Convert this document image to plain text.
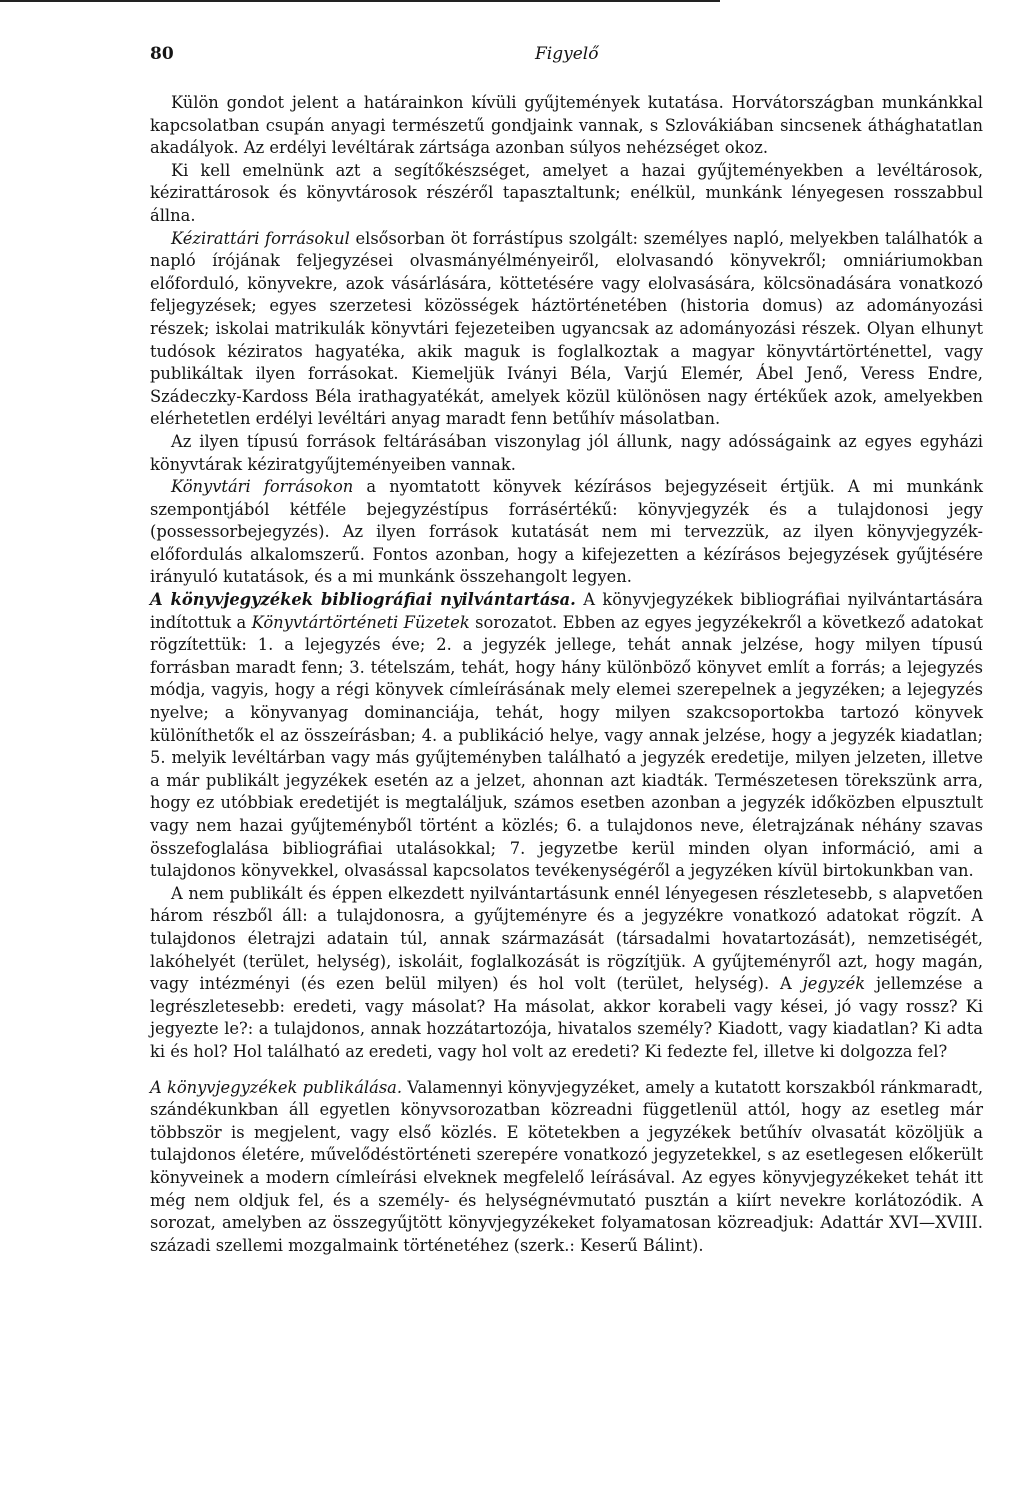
80	Figyelő

Külön gondot jelent a határainkon kívüli gyűjtemények kutatása. Horvátországban munkánkkal kapcsolatban csupán anyagi természetű gondjaink vannak, s Szlovákiában sincsenek áthághatatlan akadályok. Az erdélyi levéltárak zártsága azonban súlyos nehézséget okoz.

Ki kell emelnünk azt a segítőkészséget, amelyet a hazai gyűjteményekben a levéltárosok, kézirattárosok és könyvtárosok részéről tapasztaltunk; enélkül, munkánk lényegesen rosszabbul állna.

Kézirattári forrásokul elsősorban öt forrástípus szolgált: személyes napló, melyekben találhatók a napló írójának feljegyzései olvasmányélményeiről, elolvasandó könyvekről; omniáriumokban előforduló, könyvekre, azok vásárlására, köttetésére vagy elolvasására, kölcsönadására vonatkozó feljegyzések; egyes szerzetesi közösségek háztörténetében (historia domus) az adományozási részek; iskolai matrikulák könyvtári fejezeteiben ugyancsak az adományozási részek. Olyan elhunyt tudósok kéziratos hagyatéka, akik maguk is foglalkoztak a magyar könyvtártörténettel, vagy publikáltak ilyen forrásokat. Kiemeljük Iványi Béla, Varjú Elemér, Ábel Jenő, Veress Endre, Szádeczky-Kardoss Béla irathagyatékát, amelyek közül különösen nagy értékűek azok, amelyekben elérhetetlen erdélyi levéltári anyag maradt fenn betűhív másolatban.

Az ilyen típusú források feltárásában viszonylag jól állunk, nagy adósságaink az egyes egyházi könyvtárak kéziratgyűjteményeiben vannak.

Könyvtári forrásokon a nyomtatott könyvek kézírásos bejegyzéseit értjük. A mi munkánk szempontjából kétféle bejegyzéstípus forrásértékű: könyvjegyzék és a tulajdonosi jegy (possessorbejegyzés). Az ilyen források kutatását nem mi tervezzük, az ilyen könyvjegyzék-előfordulás alkalomszerű. Fontos azonban, hogy a kifejezetten a kézírásos bejegyzések gyűjtésére irányuló kutatások, és a mi munkánk összehangolt legyen.

A könyvjegyzékek bibliográfiai nyilvántartása. A könyvjegyzékek bibliográfiai nyilvántartására indítottuk a Könyvtártörténeti Füzetek sorozatot. Ebben az egyes jegyzékekről a következő adatokat rögzítettük: 1. a lejegyzés éve; 2. a jegyzék jellege, tehát annak jelzése, hogy milyen típusú forrásban maradt fenn; 3. tételszám, tehát, hogy hány különböző könyvet említ a forrás; a lejegyzés módja, vagyis, hogy a régi könyvek címleírásának mely elemei szerepelnek a jegyzéken; a lejegyzés nyelve; a könyvanyag dominanciája, tehát, hogy milyen szakcsoportokba tartozó könyvek különíthetők el az összeírásban; 4. a publikáció helye, vagy annak jelzése, hogy a jegyzék kiadatlan; 5. melyik levéltárban vagy más gyűjteményben található a jegyzék eredetije, milyen jelzeten, illetve a már publikált jegyzékek esetén az a jelzet, ahonnan azt kiadták. Természetesen törekszünk arra, hogy ez utóbbiak eredetijét is megtaláljuk, számos esetben azonban a jegyzék időközben elpusztult vagy nem hazai gyűjteményből történt a közlés; 6. a tulajdonos neve, életrajzának néhány szavas összefoglalása bibliográfiai utalásokkal; 7. jegyzetbe kerül minden olyan információ, ami a tulajdonos könyvekkel, olvasással kapcsolatos tevékenységéről a jegyzéken kívül birtokunkban van.

A nem publikált és éppen elkezdett nyilvántartásunk ennél lényegesen részletesebb, s alapvetően három részből áll: a tulajdonosra, a gyűjteményre és a jegyzékre vonatkozó adatokat rögzít. A tulajdonos életrajzi adatain túl, annak származását (társadalmi hovatartozását), nemzetiségét, lakóhelyét (terület, helység), iskoláit, foglalkozását is rögzítjük. A gyűjteményről azt, hogy magán, vagy intézményi (és ezen belül milyen) és hol volt (terület, helység). A jegyzék jellemzése a legrészletesebb: eredeti, vagy másolat? Ha másolat, akkor korabeli vagy kései, jó vagy rossz? Ki jegyezte le?: a tulajdonos, annak hozzátartozója, hivatalos személy? Kiadott, vagy kiadatlan? Ki adta ki és hol? Hol található az eredeti, vagy hol volt az eredeti? Ki fedezte fel, illetve ki dolgozza fel?

A könyvjegyzékek publikálása. Valamennyi könyvjegyzéket, amely a kutatott korszakból ránkmaradt, szándékunkban áll egyetlen könyvsorozatban közreadni függetlenül attól, hogy az esetleg már többször is megjelent, vagy első közlés. E kötetekben a jegyzékek betűhív olvasatát közöljük a tulajdonos életére, művelődéstörténeti szerepére vonatkozó jegyzetekkel, s az esetlegesen előkerült könyveinek a modern címleírási elveknek megfelelő leírásával. Az egyes könyvjegyzékeket tehát itt még nem oldjuk fel, és a személy- és helységnévmutató pusztán a kiírt nevekre korlátozódik. A sorozat, amelyben az összegyűjtött könyvjegyzékeket folyamatosan közreadjuk: Adattár XVI—XVIII. századi szellemi mozgalmaink történetéhez (szerk.: Keserű Bálint).
